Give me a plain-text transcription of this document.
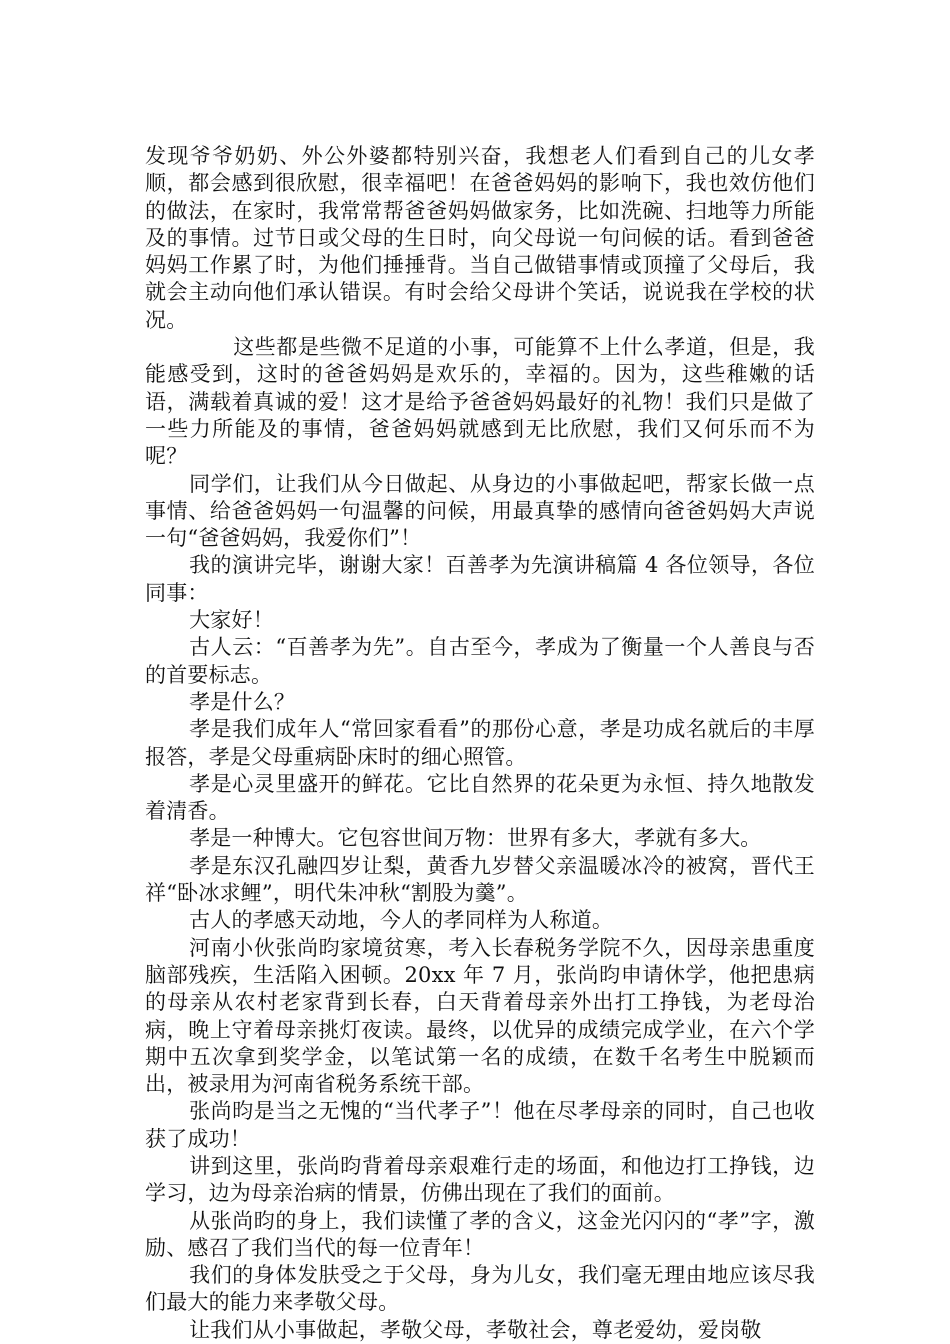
发现爷爷奶奶、外公外婆都特别兴奋，我想老人们看到自己的儿女孝顺，都会感到很欣慰，很幸福吧！在爸爸妈妈的影响下，我也效仿他们的做法，在家时，我常常帮爸爸妈妈做家务，比如洗碗、扫地等力所能及的事情。过节日或父母的生日时，向父母说一句问候的话。看到爸爸妈妈工作累了时，为他们捶捶背。当自己做错事情或顶撞了父母后，我就会主动向他们承认错误。有时会给父母讲个笑话，说说我在学校的状况。

这些都是些微不足道的小事，可能算不上什么孝道，但是，我能感受到，这时的爸爸妈妈是欢乐的，幸福的。因为，这些稚嫩的话语，满载着真诚的爱！这才是给予爸爸妈妈最好的礼物！我们只是做了一些力所能及的事情，爸爸妈妈就感到无比欣慰，我们又何乐而不为呢？

同学们，让我们从今日做起、从身边的小事做起吧，帮家长做一点事情、给爸爸妈妈一句温馨的问候，用最真挚的感情向爸爸妈妈大声说一句“爸爸妈妈，我爱你们”！

我的演讲完毕，谢谢大家！百善孝为先演讲稿篇 4 各位领导，各位同事：

大家好！

古人云：“百善孝为先”。自古至今，孝成为了衡量一个人善良与否的首要标志。

孝是什么？

孝是我们成年人“常回家看看”的那份心意，孝是功成名就后的丰厚报答，孝是父母重病卧床时的细心照管。

孝是心灵里盛开的鲜花。它比自然界的花朵更为永恒、持久地散发着清香。

孝是一种博大。它包容世间万物：世界有多大，孝就有多大。

孝是东汉孔融四岁让梨，黄香九岁替父亲温暖冰冷的被窝，晋代王祥“卧冰求鲤”，明代朱冲秋“割股为羹”。

古人的孝感天动地，今人的孝同样为人称道。

河南小伙张尚昀家境贫寒，考入长春税务学院不久，因母亲患重度脑部残疾，生活陷入困顿。20xx 年 7 月，张尚昀申请休学，他把患病的母亲从农村老家背到长春，白天背着母亲外出打工挣钱，为老母治病，晚上守着母亲挑灯夜读。最终，以优异的成绩完成学业，在六个学期中五次拿到奖学金，以笔试第一名的成绩，在数千名考生中脱颖而出，被录用为河南省税务系统干部。

张尚昀是当之无愧的“当代孝子”！他在尽孝母亲的同时，自己也收获了成功！

讲到这里，张尚昀背着母亲艰难行走的场面，和他边打工挣钱，边学习，边为母亲治病的情景，仿佛出现在了我们的面前。

从张尚昀的身上，我们读懂了孝的含义，这金光闪闪的“孝”字，激励、感召了我们当代的每一位青年！

我们的身体发肤受之于父母，身为儿女，我们毫无理由地应该尽我们最大的能力来孝敬父母。

让我们从小事做起，孝敬父母，孝敬社会，尊老爱幼，爱岗敬
